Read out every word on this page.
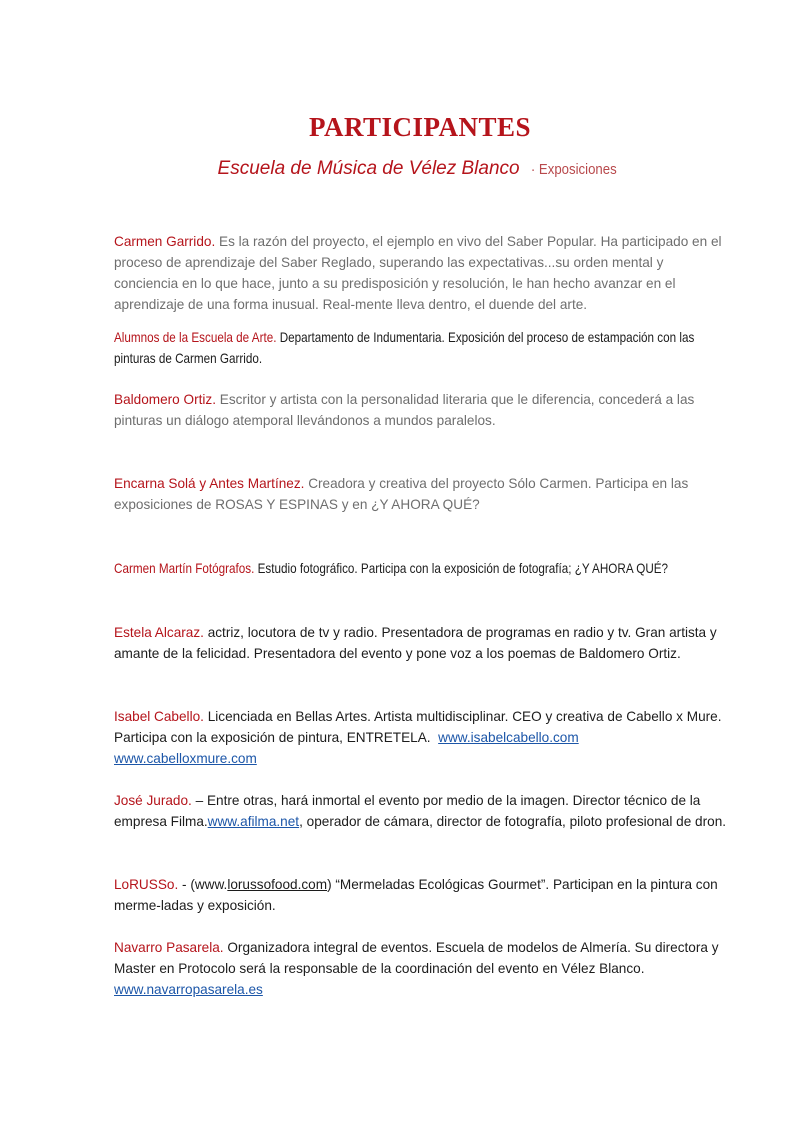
PARTICIPANTES

Escuela de Música de Vélez Blanco · Exposiciones

Carmen Garrido. Es la razón del proyecto, el ejemplo en vivo del Saber Popular. Ha participado en el proceso de aprendizaje del Saber Reglado, superando las expectativas...su orden mental y conciencia en lo que hace, junto a su predisposición y resolución, le han hecho avanzar en el aprendizaje de una forma inusual. Real-mente lleva dentro, el duende del arte.

Alumnos de la Escuela de Arte. Departamento de Indumentaria. Exposición del proceso de estampación con las pinturas de Carmen Garrido.

Baldomero Ortiz. Escritor y artista con la personalidad literaria que le diferencia, concederá a las pinturas un diálogo atemporal llevándonos a mundos paralelos.

Encarna Solá y Antes Martínez. Creadora y creativa del proyecto Sólo Carmen. Participa en las exposiciones de ROSAS Y ESPINAS y en ¿Y AHORA QUÉ?

Carmen Martín Fotógrafos. Estudio fotográfico. Participa con la exposición de fotografía; ¿Y AHORA QUÉ?

Estela Alcaraz. actriz, locutora de tv y radio. Presentadora de programas en radio y tv. Gran artista y amante de la felicidad. Presentadora del evento y pone voz a los poemas de Baldomero Ortiz.

Isabel Cabello. Licenciada en Bellas Artes. Artista multidisciplinar. CEO y creativa de Cabello x Mure. Participa con la exposición de pintura, ENTRETELA. www.isabelcabello.com   www.cabelloxmure.com

José Jurado. – Entre otras, hará inmortal el evento por medio de la imagen. Director técnico de la empresa Filma.www.afilma.net, operador de cámara, director de fotografía, piloto profesional de dron.

LoRUSSo. - (www.lorussofood.com) “Mermeladas Ecológicas Gourmet”. Participan en la pintura con merme-ladas y exposición.

Navarro Pasarela. Organizadora integral de eventos. Escuela de modelos de Almería. Su directora y Master en Protocolo será la responsable de la coordinación del evento en Vélez Blanco. www.navarropasarela.es
